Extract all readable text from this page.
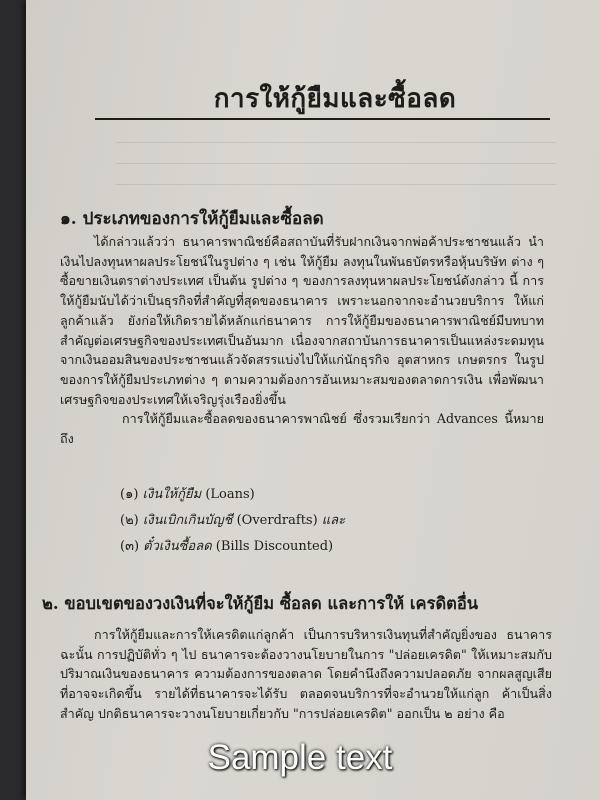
การให้กู้ยืมและซื้อลด
๑. ประเภทของการให้กู้ยืมและซื้อลด

ได้กล่าวแล้วว่า ธนาคารพาณิชย์คือสถาบันที่รับฝากเงินจากพ่อค้าประชาชนแล้ว นำเงินไปลงทุนหาผลประโยชน์ในรูปต่าง ๆ เช่น ให้กู้ยืม ลงทุนในพันธบัตรหรือหุ้นบริษัท ต่าง ๆ ซื้อขายเงินตราต่างประเทศ เป็นต้น รูปต่าง ๆ ของการลงทุนหาผลประโยชน์ดังกล่าว นี้ การให้กู้ยืมนับได้ว่าเป็นธุรกิจที่สำคัญที่สุดของธนาคาร เพราะนอกจากจะอำนวยบริการ ให้แก่ลูกค้าแล้ว ยังก่อให้เกิดรายได้หลักแก่ธนาคาร การให้กู้ยืมของธนาคารพาณิชย์มีบทบาท สำคัญต่อเศรษฐกิจของประเทศเป็นอันมาก เนื่องจากสถาบันการธนาคารเป็นแหล่งระดมทุน จากเงินออมสินของประชาชนแล้วจัดสรรแบ่งไปให้แก่นักธุรกิจ อุตสาหกร เกษตรกร ในรูป ของการให้กู้ยืมประเภทต่าง ๆ ตามความต้องการอันเหมาะสมของตลาดการเงิน เพื่อพัฒนา เศรษฐกิจของประเทศให้เจริญรุ่งเรืองยิ่งขึ้น

การให้กู้ยืมและซื้อลดของธนาคารพาณิชย์ ซึ่งรวมเรียกว่า Advances นี้หมายถึง

(๑) เงินให้กู้ยืม (Loans)
(๒) เงินเบิกเกินบัญชี (Overdrafts) และ
(๓) ตั๋วเงินซื้อลด (Bills Discounted)
๒. ขอบเขตของวงเงินที่จะให้กู้ยืม ซื้อลด และการให้ เครดิตอื่น

การให้กู้ยืมและการให้เครดิตแก่ลูกค้า เป็นการบริหารเงินทุนที่สำคัญยิ่งของ ธนาคาร ฉะนั้น การปฏิบัติทั่ว ๆ ไป ธนาคารจะต้องวางนโยบายในการ "ปล่อยเครดิต" ให้เหมาะสมกับปริมาณเงินของธนาคาร ความต้องการของตลาด โดยคำนึงถึงความปลอดภัย จากผลสูญเสียที่อาจจะเกิดขึ้น รายได้ที่ธนาคารจะได้รับ ตลอดจนบริการที่จะอำนวยให้แก่ลูก ค้าเป็นสิ่งสำคัญ ปกติธนาคารจะวางนโยบายเกี่ยวกับ "การปล่อยเครดิต" ออกเป็น ๒ อย่าง คือ

Sample text
